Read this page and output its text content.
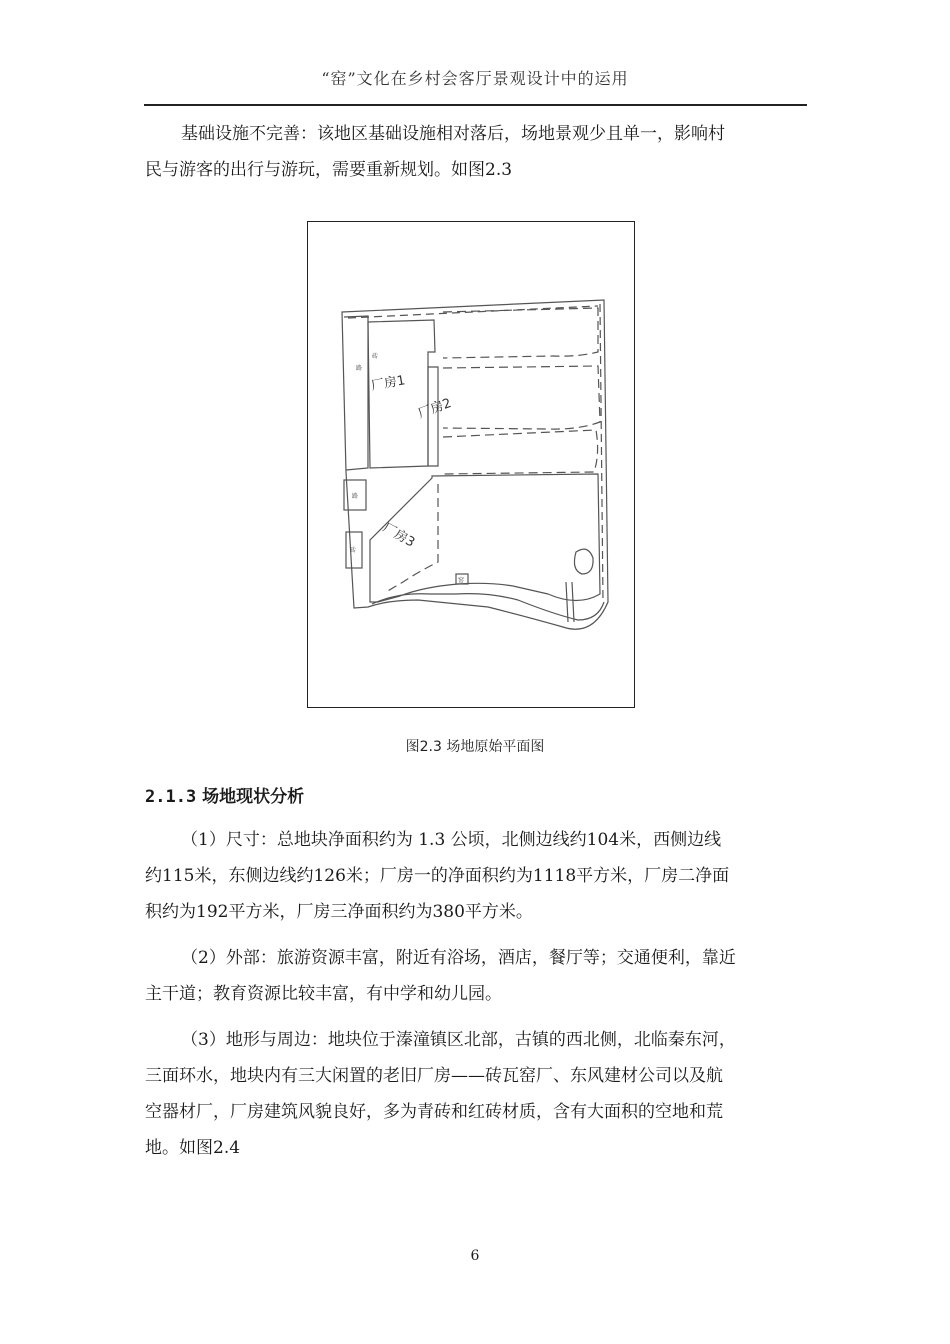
“窑”文化在乡村会客厅景观设计中的运用

基础设施不完善：该地区基础设施相对落后，场地景观少且单一，影响村
民与游客的出行与游玩，需要重新规划。如图2.3

厂房1
厂房2
厂房3
砖
路
路
砖
窑
图2.3 场地原始平面图
2.1.3 场地现状分析

（1）尺寸：总地块净面积约为 1.3 公顷，北侧边线约104米，西侧边线
约115米，东侧边线约126米；厂房一的净面积约为1118平方米，厂房二净面
积约为192平方米，厂房三净面积约为380平方米。

（2）外部：旅游资源丰富，附近有浴场，酒店，餐厅等；交通便利，靠近
主干道；教育资源比较丰富，有中学和幼儿园。

（3）地形与周边：地块位于溱潼镇区北部，古镇的西北侧，北临秦东河，
三面环水，地块内有三大闲置的老旧厂房——砖瓦窑厂、东风建材公司以及航
空器材厂，厂房建筑风貌良好，多为青砖和红砖材质，含有大面积的空地和荒
地。如图2.4

6
